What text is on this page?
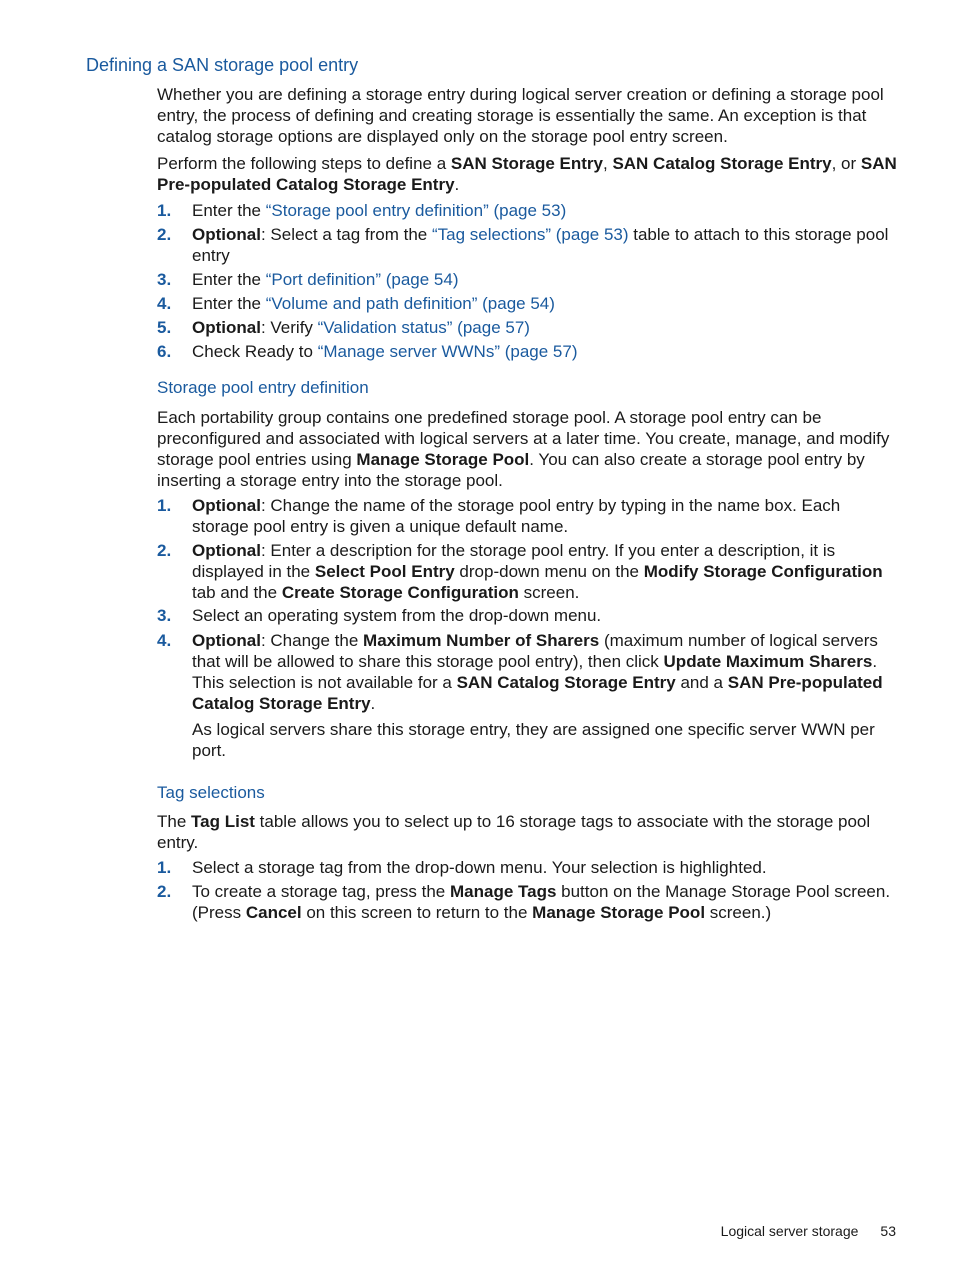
Defining a SAN storage pool entry

Whether you are defining a storage entry during logical server creation or defining a storage pool entry, the process of defining and creating storage is essentially the same. An exception is that catalog storage options are displayed only on the storage pool entry screen.

Perform the following steps to define a SAN Storage Entry, SAN Catalog Storage Entry, or SAN Pre-populated Catalog Storage Entry.

1. Enter the “Storage pool entry definition” (page 53)
2. Optional: Select a tag from the “Tag selections” (page 53) table to attach to this storage pool entry
3. Enter the “Port definition” (page 54)
4. Enter the “Volume and path definition” (page 54)
5. Optional: Verify “Validation status” (page 57)
6. Check Ready to “Manage server WWNs” (page 57)
Storage pool entry definition

Each portability group contains one predefined storage pool. A storage pool entry can be preconfigured and associated with logical servers at a later time. You create, manage, and modify storage pool entries using Manage Storage Pool. You can also create a storage pool entry by inserting a storage entry into the storage pool.

1. Optional: Change the name of the storage pool entry by typing in the name box. Each storage pool entry is given a unique default name.
2. Optional: Enter a description for the storage pool entry. If you enter a description, it is displayed in the Select Pool Entry drop-down menu on the Modify Storage Configuration tab and the Create Storage Configuration screen.
3. Select an operating system from the drop-down menu.
4. Optional: Change the Maximum Number of Sharers (maximum number of logical servers that will be allowed to share this storage pool entry), then click Update Maximum Sharers. This selection is not available for a SAN Catalog Storage Entry and a SAN Pre-populated Catalog Storage Entry.

As logical servers share this storage entry, they are assigned one specific server WWN per port.

Tag selections

The Tag List table allows you to select up to 16 storage tags to associate with the storage pool entry.

1. Select a storage tag from the drop-down menu. Your selection is highlighted.
2. To create a storage tag, press the Manage Tags button on the Manage Storage Pool screen. (Press Cancel on this screen to return to the Manage Storage Pool screen.)
Logical server storage 53
